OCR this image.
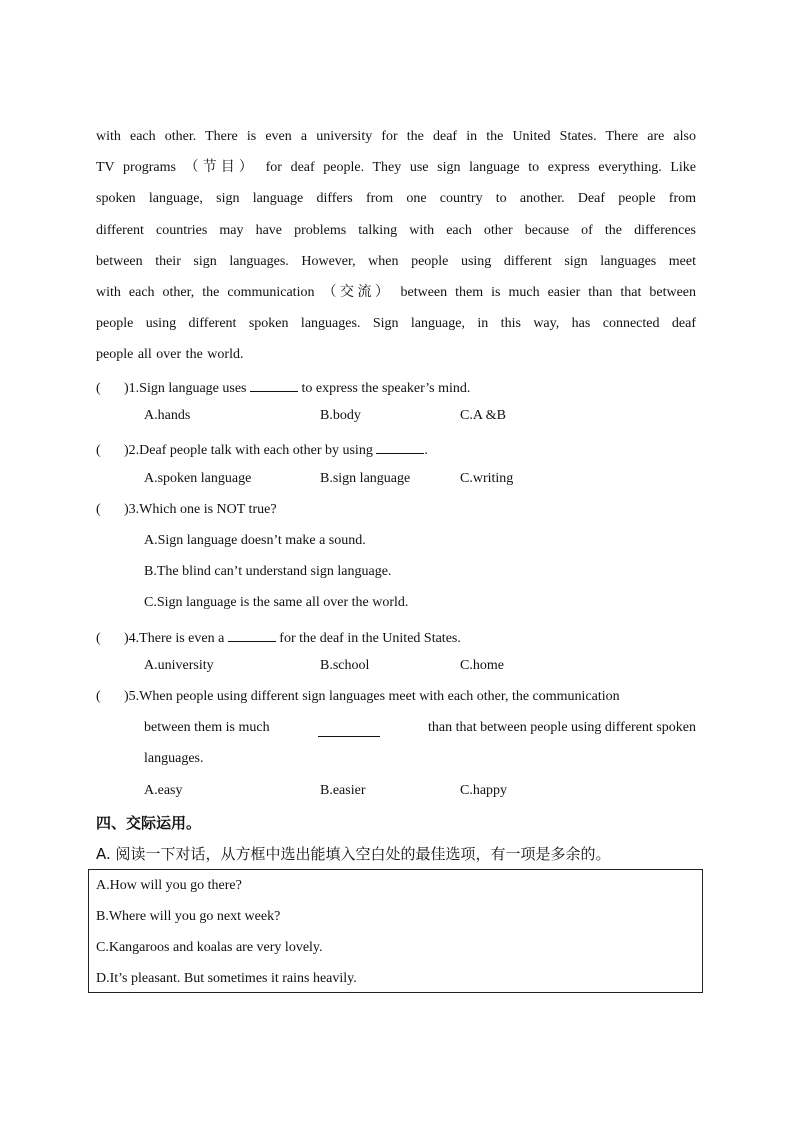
with each other. There is even a university for the deaf in the United States. There are also
TV programs （节目） for deaf people. They use sign language to express everything. Like
spoken language, sign language differs from one country to another. Deaf people from
different countries may have problems talking with each other because of the differences
between their sign languages. However, when people using different sign languages meet
with each other, the communication （交流） between them is much easier than that between
people using different spoken languages. Sign language, in this way, has connected deaf
people all over the world.
( )1.Sign language uses	to express the speaker’s mind.
A.hands	B.body	C.A &B
( )2.Deaf people talk with each other by using	.
A.spoken language	B.sign language	C.writing
( )3.Which one is NOT true?
A.Sign language doesn’t make a sound.
B.The blind can’t understand sign language.
C.Sign language is the same all over the world.
( )4.There is even a	for the deaf in the United States.
A.university	B.school	C.home
( )5.When people using different sign languages meet with each other, the communication
between them is much	than that between people using different spoken
languages.
A.easy	B.easier	C.happy
四、交际运用。
A. 阅读一下对话，从方框中选出能填入空白处的最佳选项，有一项是多余的。
A.How will you go there?
B.Where will you go next week?
C.Kangaroos and koalas are very lovely.
D.It’s pleasant. But sometimes it rains heavily.
